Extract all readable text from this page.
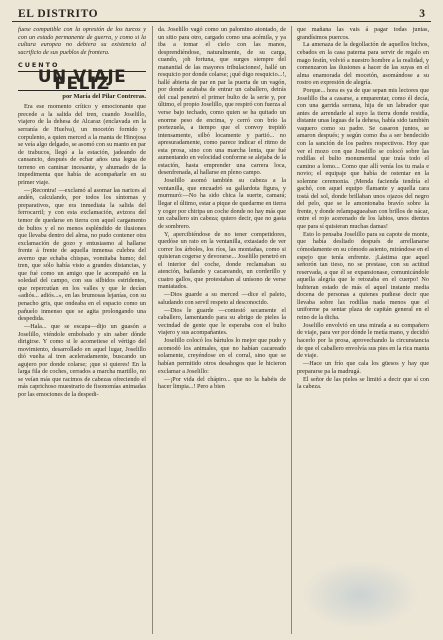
EL DISTRITO	3

fuese compatible con la opresión de los turcos y con un estado permanente de guerra, y como si la cultura europea no debiera su existencia al sacrificio de sus pueblos de frontera.

CUENTO
UN VIAJE FELIZ
por María del Pilar Contreras.

Era ese momento crítico y emocionante que precede a la salida del tren, cuando Joselillo, viajero de la dehesa de Alcaraz (enclavada en la serranía de Huelva), un mocetón fornido y corpulento, a quien merced a la manta de Hinojosa se veía algo delgado, se asomó con su manto en par de trabucos, llegó a la estación, jadeando de cansancio, después de echar años una legua de terreno en caminar incesante, y ahumado de la impedimenta que había de acompañarle en su primer viaje.

—¡Recontra! —exclamó al asomar las narices al andén, calculando, por todos los síntomas y preparativos, que era inmediata la salida del ferrocarril; y con esta exclamación, avizora del temor de quedarse en tierra con aquel cargamento de bultos y el no menos espléndido de ilusiones que llevaba dentro del alma, no pudo contener otra exclamación de gozo y entusiasmo al hallarse frente á frente de aquella inmensa culebra del averno que echaba chispas, vomitaba humo; del tren, que sólo había visto a grandes distancias, y que fué como un amigo que le acompañó en la soledad del campo, con sus silbidos estridentes, que repercutían en los valles y que le decían «adiós... adiós...», en las brumosas lejanías, con su penacho gris, que ondeaba en el espacio como un pañuelo inmenso que se agita prolongando una despedida.

—Hala... que se escapa—dijo un guasón a Joselillo, viéndole embobado y sin saber dónde dirigirse. Y como si le acometiese el vértigo del movimiento, desarrollado en aquel lugar, Joselillo dió vuelta al tren aceleradamente, buscando un agujero por donde colarse; ¡que si quieres! En la larga fila de coches, cerrados a marcha martillo, no se veían más que racimos de cabezas ofreciendo el más caprichoso muestrario de fisonomías animadas por las emociones de la despedi-

da. Joselillo vagó como un palomino atontado, de un sitio para otro, cargado como una acémila, y ya iba a tomar el cielo con las manos, desprendiéndose, naturalmente, de su carga, cuando, ¡oh fortuna, que surges siempre del manantial de las mayores tribulaciones!, hallé un resquicio por donde colarse; ¡qué digo resquicio...!, hallé abierta de par en par la puerta de un vagón, por donde acababa de entrar un caballero, detrás del cual penetró el primer bulto de la serie y, por último, el propio Joselillo, que respiró con fuerza al verse bajo techado, como quien se ha quitado un enorme peso de encima, y cerró con brío la portezuela, a tiempo que el convoy trepidó intensamente, silbó locamente y partió... no apresuradamente, como parece indicar el ritmo de esta prosa, sino con una marcha lenta, que fué aumentando en velocidad conforme se alejaba de la estación, hasta emprender una carrera loca, desenfrenada, al hallarse en pleno campo.

Joselillo asomó también su cabeza a la ventanilla, que encuadró su gallardota figura, y murmuró:—No ha sido chica la suerte, camará; llegar el último, estar a pique de quedarme en tierra y coger por chiripa un coche donde no hay más que un caballero sin cabeza; quiero decir, que no gasta de sombrero.

Y, apercibiéndose de no tener competidores, quedóse un rato en la ventanilla, extasiado de ver correr los árboles, los ríos, las montañas, como si quisieran cogerse y devorarse... Joselillo penetró en el interior del coche, donde reclamaban su atención, bailando y cacareando, un corderillo y cuatro gallos, que protestaban al unísono de verse maniatados.

—Dios guarde a su merced —dice el paleto, saludando con servil respeto al desconocido.

—Dios le guarde —contestó secamente el caballero, lamentando para su abrigo de pieles la vecindad de gente que le esperaba con el bulto viajero y sus acompañantes.

Joselillo colocó los bártulos lo mejor que pudo y acomodó los animales, que no habían cacareado solamente, creyéndose en el corral, sino que se habían permitido otros desahogos que le hicieron exclamar a Joselillo:

—¡Por vida del chápiro... que no la habéis de hacer limpia...! Pero a bien

que mañana las vais á pagar todas juntas, grandísimos puercos.

La amenaza de la degollación de aquellos bichos, cebados en la casa paterna para servir de regalo en mago festín, volvió a nuestro hombre a la realidad, y comenzaron las ilusiones a hacer de las suyas en el alma enamorada del mocetón, asomándose a su rostro en expresión de alegría.

Porque... hora es ya de que sepan mis lectores que Joselillo iba a casarse, a emparentar, como él decía, con una garrida serrana, hija de un labrador que antes de arrendarle al suyo la tierra donde residía, distante unas leguas de la dehesa, había sido también vaquero como su padre. Se casaron juntos, se amaron después; y según como iba a ser bendecido con la sanción de los padres respectivos. Hoy que ver el mozo con que Joselillo se colocó sobre las rodillas el bulto monumental que traía todo el camino a lomo... Como que allí venía los tu mala e novio; el equipaje que había de ostentar en la solemne ceremonia. ¡Menda facienda tendría el gachó, con aquel equipo flamante y aquella cara tostá del sol, donde brillaban unos ojazos del negro del pelo, que se le amontonaba bravío sobre la frente, y donde relampagueaban con brillos de nácar, entre el rojo acerenado de los labios, unos dientes que para sí quisieran muchas damas!

Esto lo pensaba Joselillo para su capote de monte, que había desliado después de arrellanarse cómodamente en su cómodo asiento, mirándose en el espejo que tenía enfrente. ¡Lástima que aquel señorón tan tieso, no se prestase, con su actitud reservada, a que él se expansionase, comunicándole aquella alegría que le retozaba en el cuerpo! No hubieran estado de más el aquel instante media docena de personas a quienes pudiese decir que llevaba sobre las rodillas nada menos que el uniforme pa sentar plaza de capitán general en el reino de la dicha.

Joselillo envolvió en una mirada a su compañero de viaje, para ver por dónde le metía mano, y decidió hacerlo por la prosa, aprovechando la circunstancia de que el caballero envolvía sus pies en la rica manta de viaje.

—Hace un frío que cala los güesos y hay que prepararse pa la madrugá.

El señor de las pieles se limitó a decir que sí con la cabeza.
